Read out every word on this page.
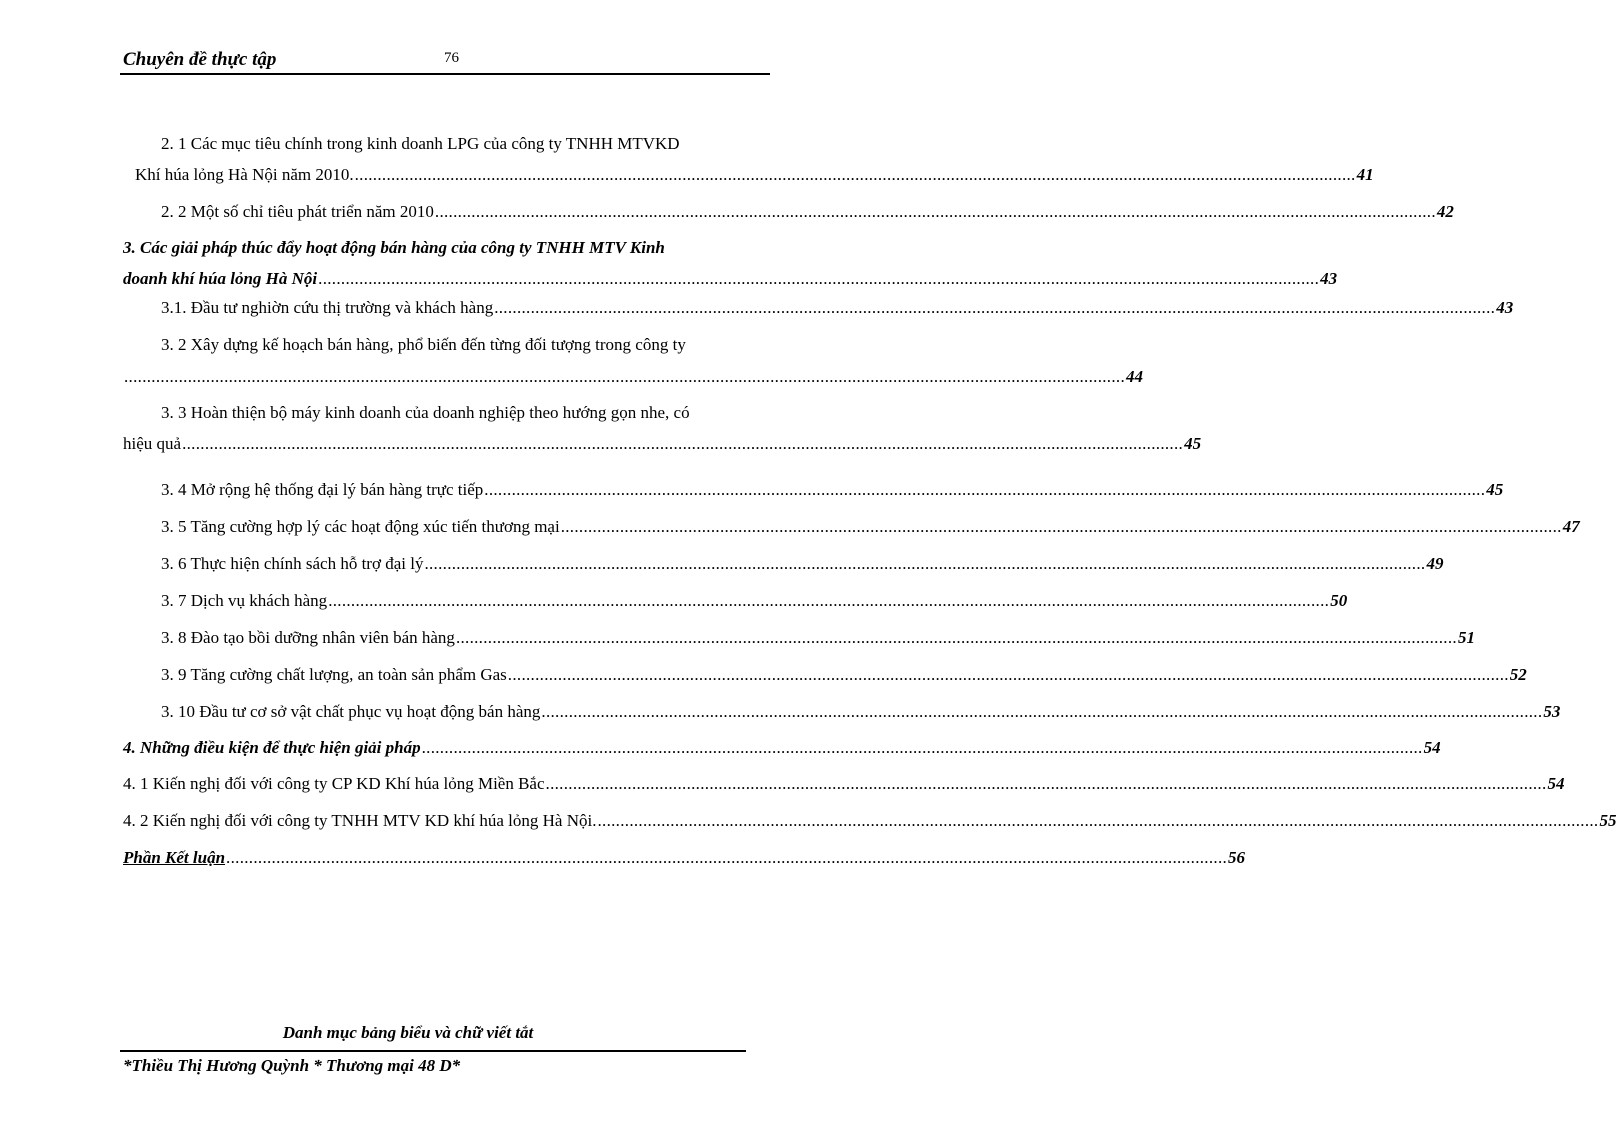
Chuyên đề thực tập	76
2. 1 Các mục tiêu chính trong kinh doanh LPG của công ty TNHH MTVKD
Khí húa lỏng Hà Nội năm 2010. ............................................................................................................................................................................................................................ 41
2. 2 Một số chỉ tiêu phát triển năm 2010 ............................................................................................................................................................................................................................ 42
3. Các giải pháp thúc đẩy hoạt động bán hàng của công ty TNHH MTV Kinh
doanh khí húa lỏng Hà Nội ............................................................................................................................................................................................................................ 43
3.1. Đầu tư nghiờn cứu thị trường và khách hàng ............................................................................................................................................................................................................................ 43
3. 2 Xây dựng kế hoạch bán hàng, phổ biến đến từng đối tượng trong công ty
............................................................................................................................................................................................................................ 44
3. 3 Hoàn thiện bộ máy kinh doanh của doanh nghiệp theo hướng gọn nhe, có
hiệu quả ............................................................................................................................................................................................................................ 45
3. 4 Mở rộng hệ thống đại lý bán hàng trực tiếp ............................................................................................................................................................................................................................ 45
3. 5 Tăng cường hợp lý các hoạt động xúc tiến thương mại ............................................................................................................................................................................................................................ 47
3. 6 Thực hiện chính sách hỗ trợ đại lý ............................................................................................................................................................................................................................ 49
3. 7 Dịch vụ khách hàng ............................................................................................................................................................................................................................ 50
3. 8 Đào tạo bồi dưỡng nhân viên bán hàng ............................................................................................................................................................................................................................ 51
3. 9 Tăng cường chất lượng, an toàn sản phẩm Gas ............................................................................................................................................................................................................................ 52
3. 10 Đầu tư cơ sở vật chất phục vụ hoạt động bán hàng ............................................................................................................................................................................................................................ 53
4. Những điều kiện để thực hiện giải pháp ............................................................................................................................................................................................................................ 54
4. 1 Kiến nghị đối với công ty CP KD Khí húa lỏng Miền Bắc ............................................................................................................................................................................................................................ 54
4. 2 Kiến nghị đối với công ty TNHH MTV KD khí húa lỏng Hà Nội. ............................................................................................................................................................................................................................ 55
Phần Kết luận ............................................................................................................................................................................................................................ 56
Danh mục bảng biểu và chữ viết tắt
*Thiều Thị Hương Quỳnh * Thương mại 48 D*
